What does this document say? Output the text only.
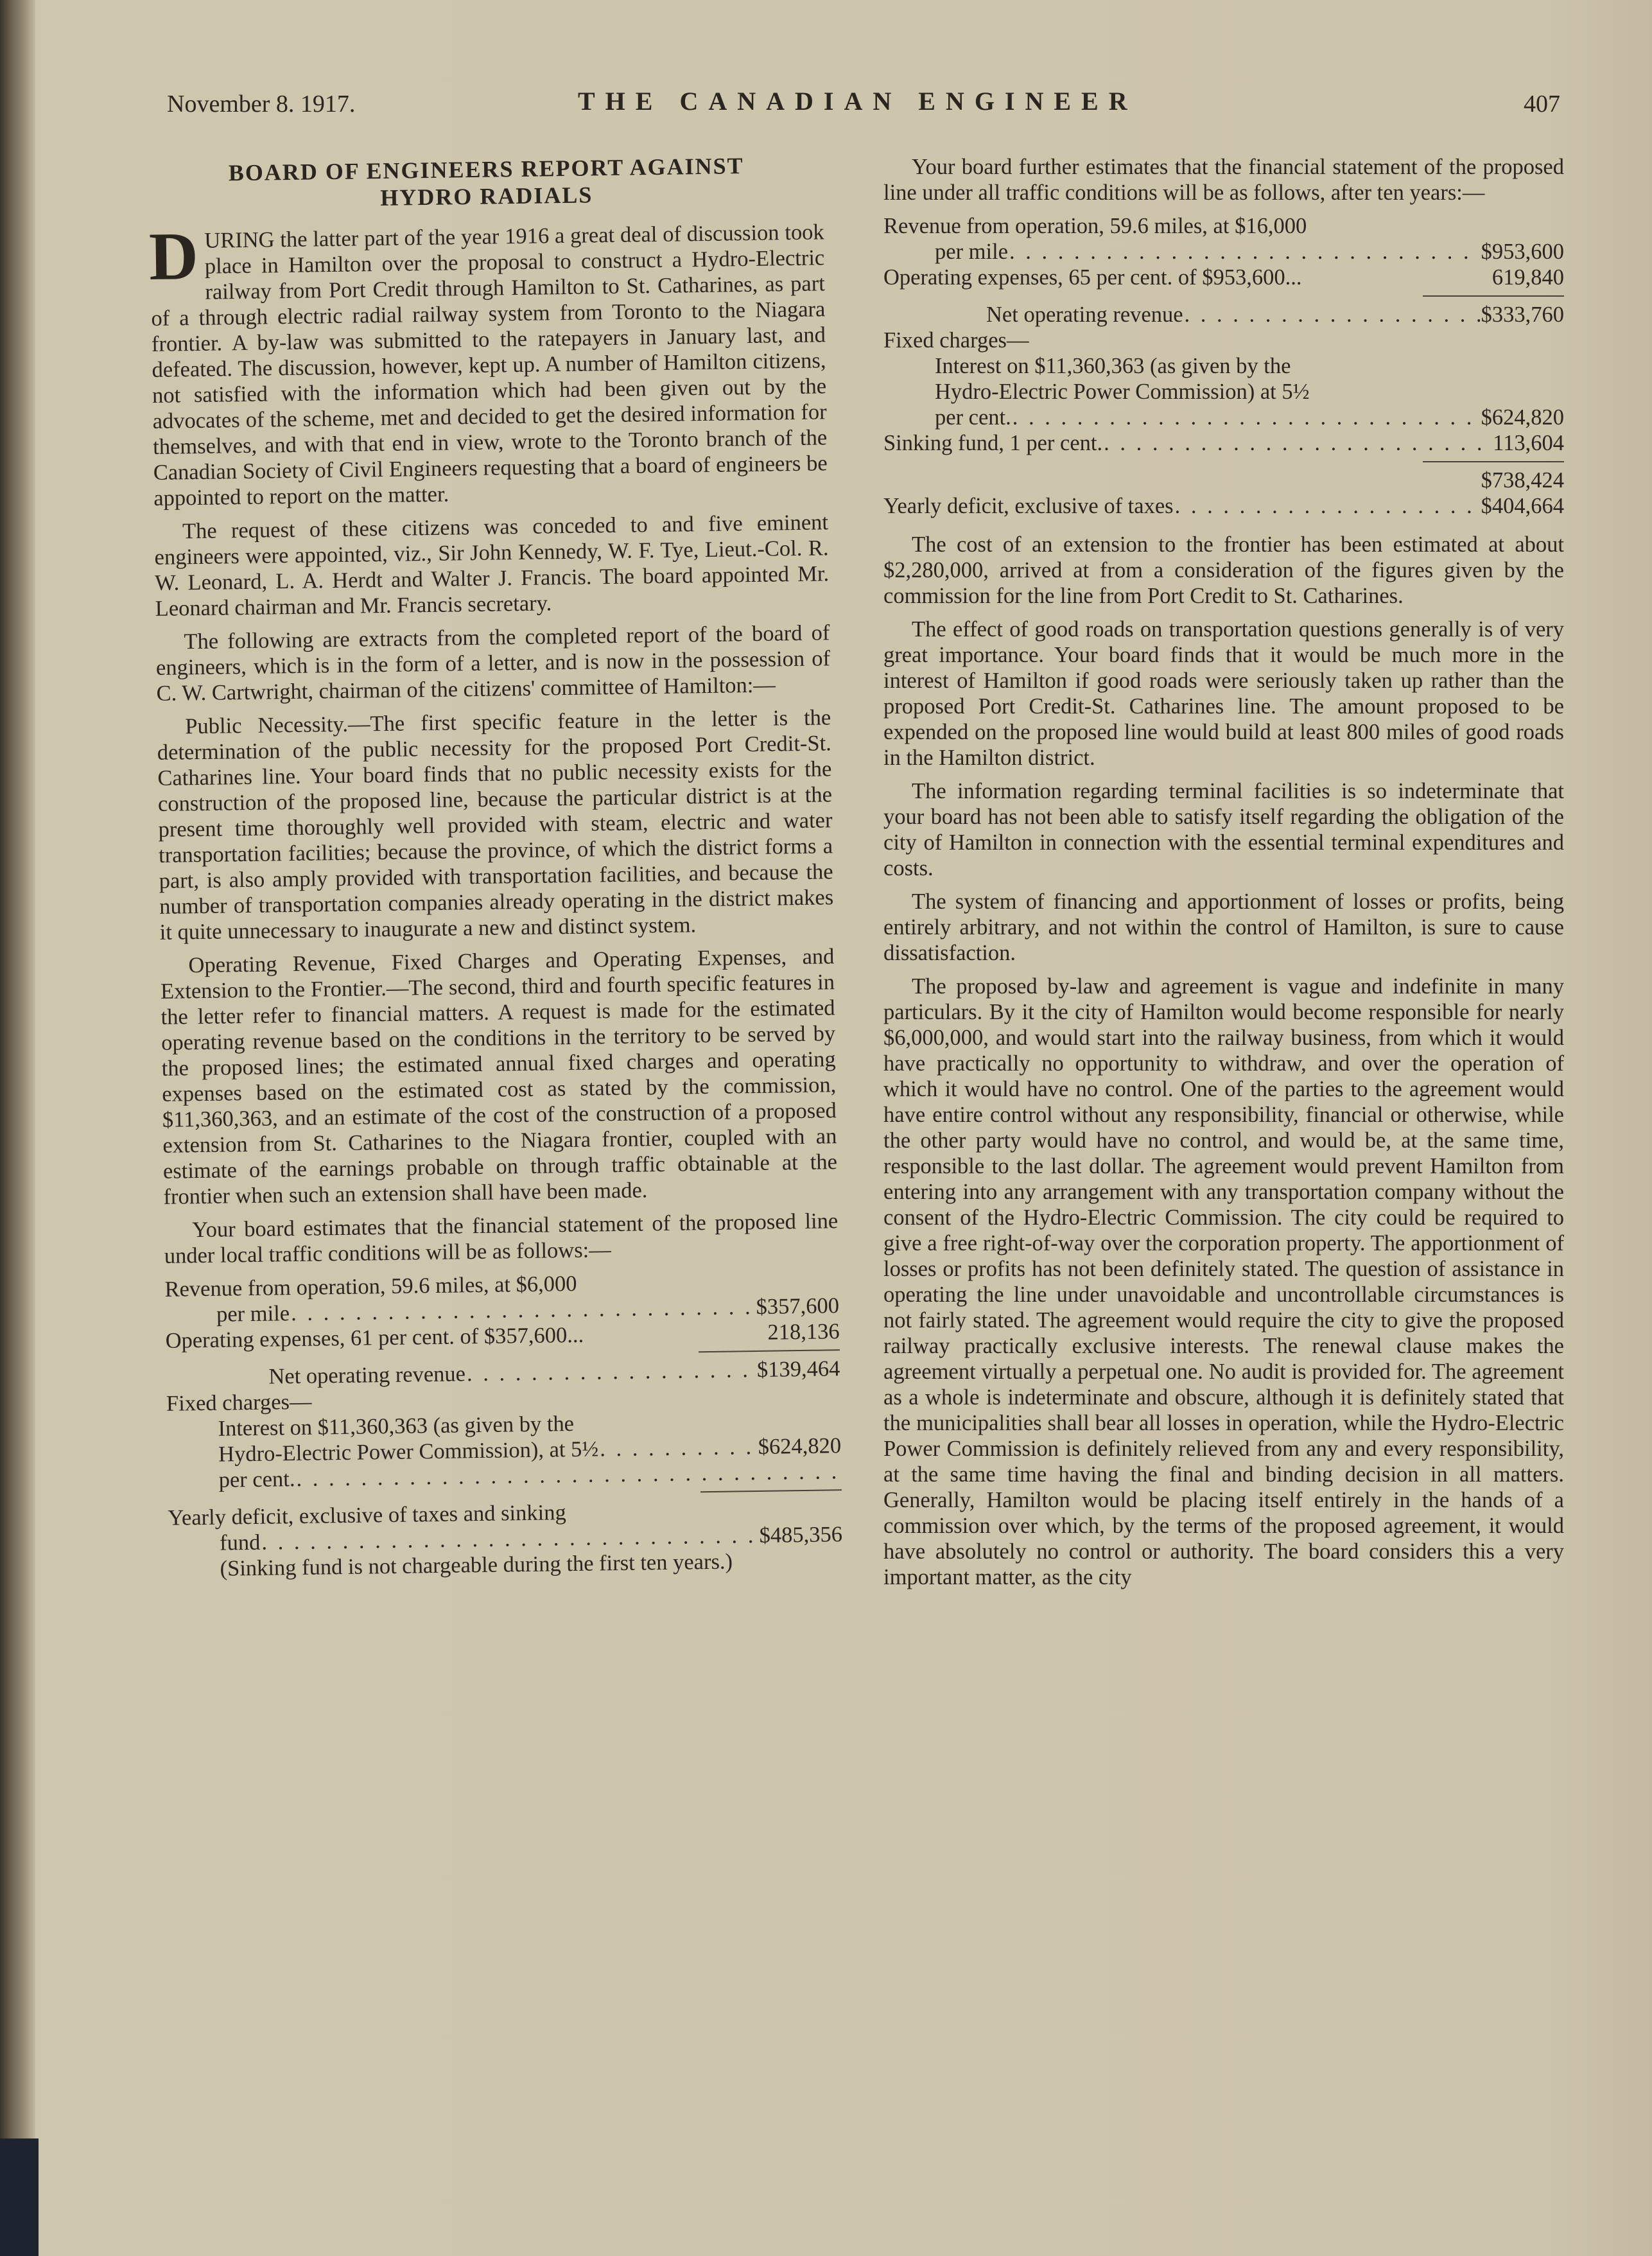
November 8. 1917.	THE CANADIAN ENGINEER	407
BOARD OF ENGINEERS REPORT AGAINST
HYDRO RADIALS

DURING the latter part of the year 1916 a great deal of discussion took place in Hamilton over the proposal to construct a Hydro-Electric railway from Port Credit through Hamilton to St. Catharines, as part of a through electric radial railway system from Toronto to the Niagara frontier. A by-law was submitted to the ratepayers in January last, and defeated. The discussion, however, kept up. A number of Hamilton citizens, not satisfied with the information which had been given out by the advocates of the scheme, met and decided to get the desired information for themselves, and with that end in view, wrote to the Toronto branch of the Canadian Society of Civil Engineers requesting that a board of engineers be appointed to report on the matter.

The request of these citizens was conceded to and five eminent engineers were appointed, viz., Sir John Kennedy, W. F. Tye, Lieut.-Col. R. W. Leonard, L. A. Herdt and Walter J. Francis. The board appointed Mr. Leonard chairman and Mr. Francis secretary.

The following are extracts from the completed report of the board of engineers, which is in the form of a letter, and is now in the possession of C. W. Cartwright, chairman of the citizens' committee of Hamilton:—

Public Necessity.—The first specific feature in the letter is the determination of the public necessity for the proposed Port Credit-St. Catharines line. Your board finds that no public necessity exists for the construction of the proposed line, because the particular district is at the present time thoroughly well provided with steam, electric and water transportation facilities; because the province, of which the district forms a part, is also amply provided with transportation facilities, and because the number of transportation companies already operating in the district makes it quite unnecessary to inaugurate a new and distinct system.

Operating Revenue, Fixed Charges and Operating Expenses, and Extension to the Frontier.—The second, third and fourth specific features in the letter refer to financial matters. A request is made for the estimated operating revenue based on the conditions in the territory to be served by the proposed lines; the estimated annual fixed charges and operating expenses based on the estimated cost as stated by the commission, $11,360,363, and an estimate of the cost of the construction of a proposed extension from St. Catharines to the Niagara frontier, coupled with an estimate of the earnings probable on through traffic obtainable at the frontier when such an extension shall have been made.

Your board estimates that the financial statement of the proposed line under local traffic conditions will be as follows:—

Revenue from operation, 59.6 miles, at $6,000
per mile . . .	$357,600
Operating expenses, 61 per cent. of $357,600...	218,136
Net operating revenue . . .	$139,464
Fixed charges—
Interest on $11,360,363 (as given by the
Hydro-Electric Power Commission), at 5½ . . .	$624,820
per cent.
. . .
Yearly deficit, exclusive of taxes and sinking
fund . . .	$485,356
(Sinking fund is not chargeable during the first ten years.)

Your board further estimates that the financial statement of the proposed line under all traffic conditions will be as follows, after ten years:—

Revenue from operation, 59.6 miles, at $16,000
per mile . . .	$953,600
Operating expenses, 65 per cent. of $953,600...	619,840
Net operating revenue . . .	$333,760
Fixed charges—
Interest on $11,360,363 (as given by the
Hydro-Electric Power Commission) at 5½
per cent. . . .	$624,820
Sinking fund, 1 per cent. . . .	113,604
$738,424
Yearly deficit, exclusive of taxes . . .	$404,664

The cost of an extension to the frontier has been estimated at about $2,280,000, arrived at from a consideration of the figures given by the commission for the line from Port Credit to St. Catharines.

The effect of good roads on transportation questions generally is of very great importance. Your board finds that it would be much more in the interest of Hamilton if good roads were seriously taken up rather than the proposed Port Credit-St. Catharines line. The amount proposed to be expended on the proposed line would build at least 800 miles of good roads in the Hamilton district.

The information regarding terminal facilities is so indeterminate that your board has not been able to satisfy itself regarding the obligation of the city of Hamilton in connection with the essential terminal expenditures and costs.

The system of financing and apportionment of losses or profits, being entirely arbitrary, and not within the control of Hamilton, is sure to cause dissatisfaction.

The proposed by-law and agreement is vague and indefinite in many particulars. By it the city of Hamilton would become responsible for nearly $6,000,000, and would start into the railway business, from which it would have practically no opportunity to withdraw, and over the operation of which it would have no control. One of the parties to the agreement would have entire control without any responsibility, financial or otherwise, while the other party would have no control, and would be, at the same time, responsible to the last dollar. The agreement would prevent Hamilton from entering into any arrangement with any transportation company without the consent of the Hydro-Electric Commission. The city could be required to give a free right-of-way over the corporation property. The apportionment of losses or profits has not been definitely stated. The question of assistance in operating the line under unavoidable and uncontrollable circumstances is not fairly stated. The agreement would require the city to give the proposed railway practically exclusive interests. The renewal clause makes the agreement virtually a perpetual one. No audit is provided for. The agreement as a whole is indeterminate and obscure, although it is definitely stated that the municipalities shall bear all losses in operation, while the Hydro-Electric Power Commission is definitely relieved from any and every responsibility, at the same time having the final and binding decision in all matters. Generally, Hamilton would be placing itself entirely in the hands of a commission over which, by the terms of the proposed agreement, it would have absolutely no control or authority. The board considers this a very important matter, as the city
